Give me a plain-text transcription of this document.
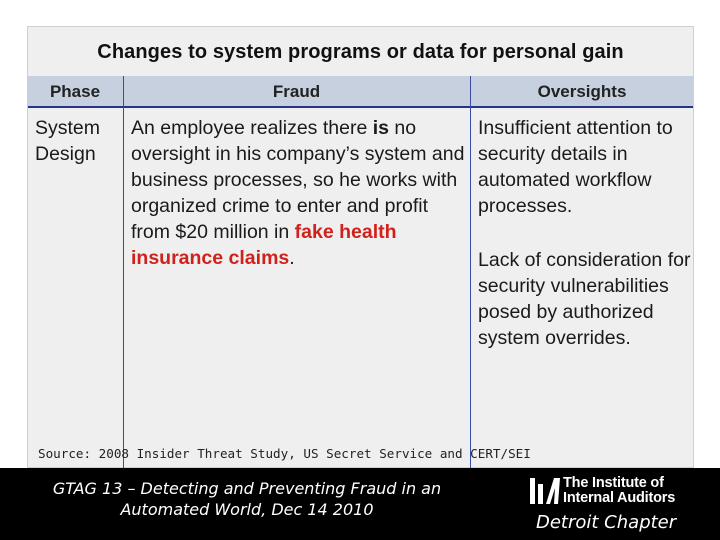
Changes to system programs or data for personal gain
Phase	Fraud	Oversights
System Design
An employee realizes there is no oversight in his company’s system and business processes, so he works with organized crime to enter and profit from $20 million in fake health insurance claims.
Insufficient attention to security details in automated workflow processes.
Lack of consideration for security vulnerabilities posed by authorized system overrides.
Source: 2008 Insider Threat Study, US Secret Service and CERT/SEI
GTAG 13 – Detecting and Preventing Fraud in an
Automated World, Dec 14 2010
The Institute of
Internal Auditors
Detroit Chapter
